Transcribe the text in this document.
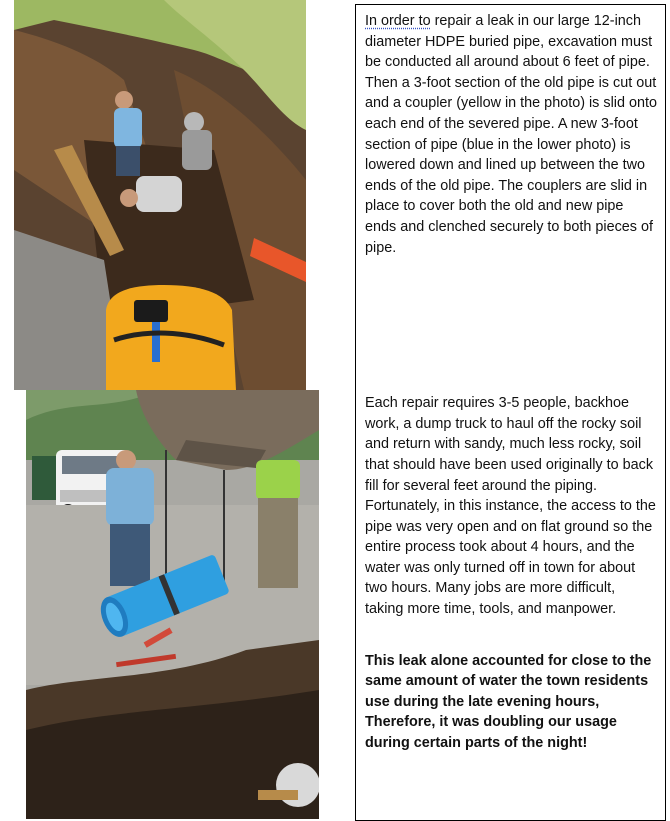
In order to repair a leak in our large 12-inch diameter HDPE buried pipe, excavation must be conducted all around about 6 feet of pipe. Then a 3-foot section of the old pipe is cut out and a coupler (yellow in the photo) is slid onto each end of the severed pipe. A new 3-foot section of pipe (blue in the lower photo) is lowered down and lined up between the two ends of the old pipe. The couplers are slid in place to cover both the old and new pipe ends and clenched securely to both pieces of pipe.

Each repair requires 3-5 people, backhoe work, a dump truck to haul off the rocky soil and return with sandy, much less rocky, soil that should have been used originally to back fill for several feet around the piping. Fortunately, in this instance, the access to the pipe was very open and on flat ground so the entire process took about 4 hours, and the water was only turned off in town for about two hours. Many jobs are more difficult, taking more time, tools, and manpower.

This leak alone accounted for close to the same amount of water the town residents use during the late evening hours, Therefore, it was doubling our usage during certain parts of the night!
